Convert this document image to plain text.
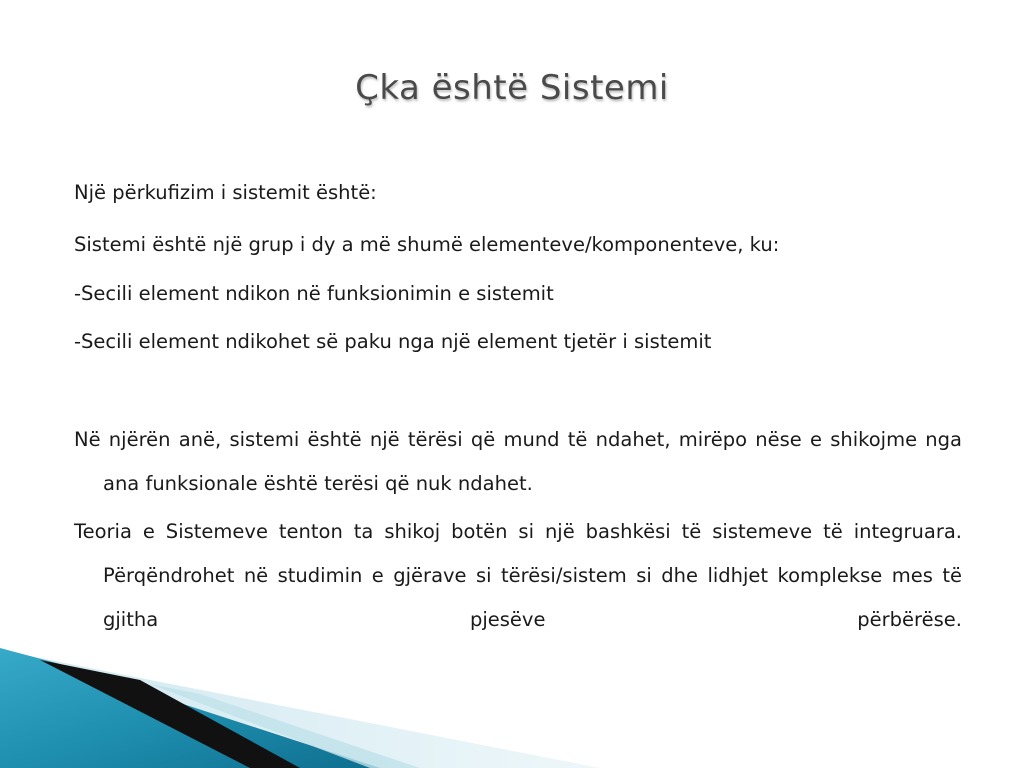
Çka është Sistemi

Një përkufizim i sistemit është:

Sistemi është një grup i dy a më shumë elementeve/komponenteve, ku:

-Secili element ndikon në funksionimin e sistemit

-Secili element ndikohet së paku nga një element tjetër i sistemit

Në njërën anë, sistemi është një tërësi që mund të ndahet, mirëpo nëse e shikojme nga ana funksionale është terësi që nuk ndahet.

Teoria e Sistemeve tenton ta shikoj botën si një bashkësi të sistemeve të integruara. Përqëndrohet në studimin e gjërave si tërësi/sistem si dhe lidhjet komplekse mes të gjitha pjesëve përbërëse.
